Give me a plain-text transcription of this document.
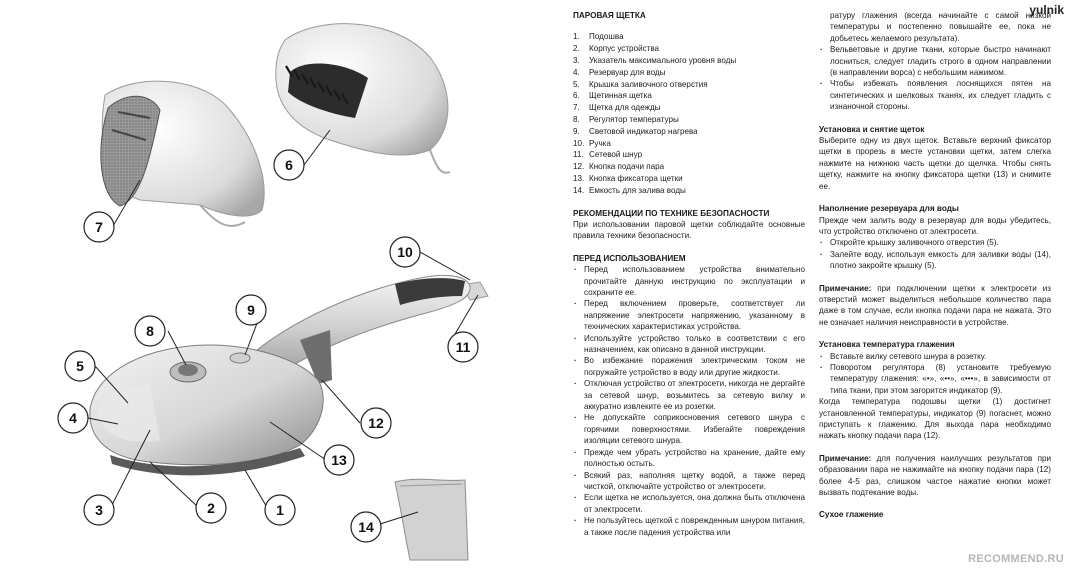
7
6
8
9
10
11
5
4	12
13
3	2	1
14
ПАРОВАЯ ЩЕТКА
1.	Подошва
2.	Корпус устройства
3.	Указатель максимального уровня воды
4.	Резервуар для воды
5.	Крышка заливочного отверстия
6.	Щетинная щетка
7.	Щетка для одежды
8.	Регулятор температуры
9.	Световой индикатор нагрева
10. Ручка
11. Сетевой шнур
12. Кнопка подачи пара
13. Кнопка фиксатора щетки
14. Емкость для залива воды
РЕКОМЕНДАЦИИ ПО ТЕХНИКЕ БЕЗОПАСНОСТИ

При использовании паровой щетки соблюдайте основные правила техники безопасности.

ПЕРЕД ИСПОЛЬЗОВАНИЕМ
· Перед использованием устройства внимательно прочитайте данную инструкцию по эксплуатации и сохраните ее.
· Перед включением проверьте, соответствует ли напряжение электросети напряжению, указанному в технических характеристиках устройства.
· Используйте устройство только в соответствии с его назначением, как описано в данной инструкции.
· Во избежание поражения электрическим током не погружайте устройство в воду или другие жидкости.
· Отключая устройство от электросети, никогда не дергайте за сетевой шнур, возьмитесь за сетевую вилку и аккуратно извлеките ее из розетки.
· Не допускайте соприкосновения сетевого шнура с горячими поверхностями. Избегайте повреждения изоляции сетевого шнура.
· Прежде чем убрать устройство на хранение, дайте ему полностью остыть.
· Всякий раз, наполняя щетку водой, а также перед чисткой, отключайте устройство от электросети.
· Если щетка не используется, она должна быть отключена от электросети.
· Не пользуйтесь щеткой с поврежденным шнуром питания, а также после падения устройства или

ратуру глажения (всегда начинайте с самой низкой температуры и постепенно повышайте ее, пока не добьетесь желаемого результата).

· Вельветовые и другие ткани, которые быстро начинают лосниться, следует гладить строго в одном направлении (в направлении ворса) с небольшим нажимом.
· Чтобы избежать появления лоснящихся пятен на синтетических и шелковых тканях, их следует гладить с изнаночной стороны.
Установка и снятие щеток

Выберите одну из двух щеток. Вставьте верхний фиксатор щетки в прорезь в месте установки щетки, затем слегка нажмите на нижнюю часть щетки до щелчка. Чтобы снять щетку, нажмите на кнопку фиксатора щетки (13) и снимите ее.

Наполнение резервуара для воды

Прежде чем залить воду в резервуар для воды убедитесь, что устройство отключено от электросети.

· Откройте крышку заливочного отверстия (5).
· Залейте воду, используя емкость для заливки воды (14), плотно закройте крышку (5).

Примечание: при подключении щетки к электросети из отверстий может выделиться небольшое количество пара даже в том случае, если кнопка подачи пара не нажата. Это не означает наличия неисправности в устройстве.

Установка температура глажения
· Вставьте вилку сетевого шнура в розетку.
· Поворотом регулятора (8) установите требуемую температуру глажения: «•», «••», «•••», в зависимости от типа ткани, при этом загорится индикатор (9).

Когда температура подошвы щетки (1) достигнет установленной температуры, индикатор (9) погаснет, можно приступать к глажению. Для выхода пара необходимо нажать кнопку подачи пара (12).

Примечание: для получения наилучших результатов при образовании пара не нажимайте на кнопку подачи пара (12) более 4-5 раз, слишком частое нажатие кнопки может вызвать подтекание воды.

Сухое глажение
yulnik
RECOMMEND.RU
